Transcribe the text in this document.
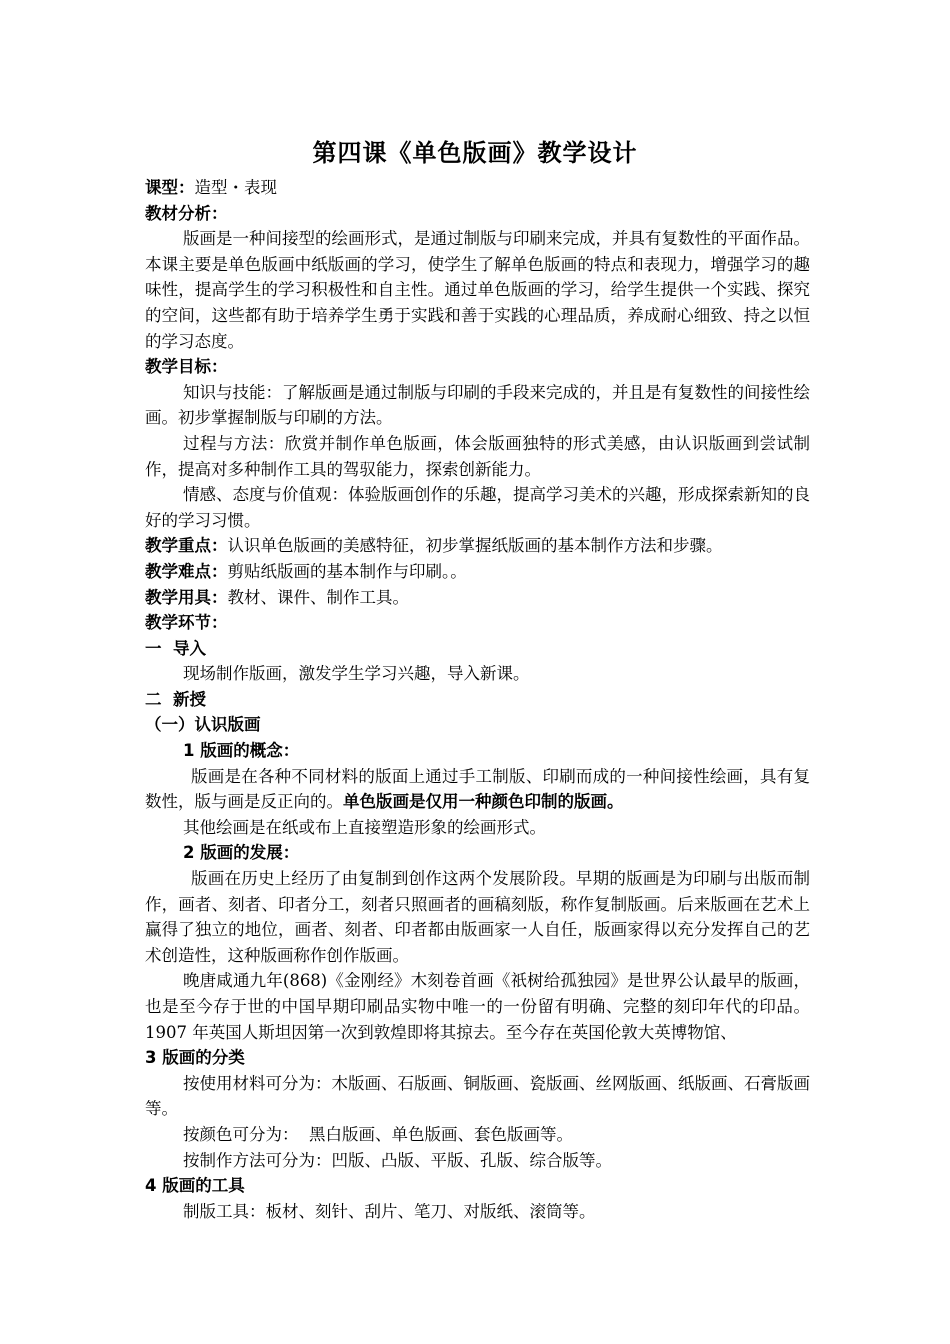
第四课《单色版画》教学设计

课型：造型・表现

教材分析：

版画是一种间接型的绘画形式，是通过制版与印刷来完成，并具有复数性的平面作品。本课主要是单色版画中纸版画的学习，使学生了解单色版画的特点和表现力，增强学习的趣味性，提高学生的学习积极性和自主性。通过单色版画的学习，给学生提供一个实践、探究的空间，这些都有助于培养学生勇于实践和善于实践的心理品质，养成耐心细致、持之以恒的学习态度。

教学目标：

知识与技能：了解版画是通过制版与印刷的手段来完成的，并且是有复数性的间接性绘画。初步掌握制版与印刷的方法。

过程与方法：欣赏并制作单色版画，体会版画独特的形式美感，由认识版画到尝试制作，提高对多种制作工具的驾驭能力，探索创新能力。

情感、态度与价值观：体验版画创作的乐趣，提高学习美术的兴趣，形成探索新知的良好的学习习惯。

教学重点：认识单色版画的美感特征，初步掌握纸版画的基本制作方法和步骤。

教学难点：剪贴纸版画的基本制作与印刷。。

教学用具：教材、课件、制作工具。

教学环节：

一  导入

现场制作版画，激发学生学习兴趣，导入新课。

二  新授

（一）认识版画

1 版画的概念：

版画是在各种不同材料的版面上通过手工制版、印刷而成的一种间接性绘画，具有复数性，版与画是反正向的。单色版画是仅用一种颜色印制的版画。

其他绘画是在纸或布上直接塑造形象的绘画形式。

2 版画的发展：

版画在历史上经历了由复制到创作这两个发展阶段。早期的版画是为印刷与出版而制作，画者、刻者、印者分工，刻者只照画者的画稿刻版，称作复制版画。后来版画在艺术上赢得了独立的地位，画者、刻者、印者都由版画家一人自任，版画家得以充分发挥自己的艺术创造性，这种版画称作创作版画。

晚唐咸通九年(868)《金刚经》木刻卷首画《祇树给孤独园》是世界公认最早的版画，也是至今存于世的中国早期印刷品实物中唯一的一份留有明确、完整的刻印年代的印品。1907 年英国人斯坦因第一次到敦煌即将其掠去。至今存在英国伦敦大英博物馆、

3 版画的分类

按使用材料可分为：木版画、石版画、铜版画、瓷版画、丝网版画、纸版画、石膏版画等。

按颜色可分为：  黑白版画、单色版画、套色版画等。

按制作方法可分为：凹版、凸版、平版、孔版、综合版等。

4 版画的工具

制版工具：板材、刻针、刮片、笔刀、对版纸、滚筒等。
